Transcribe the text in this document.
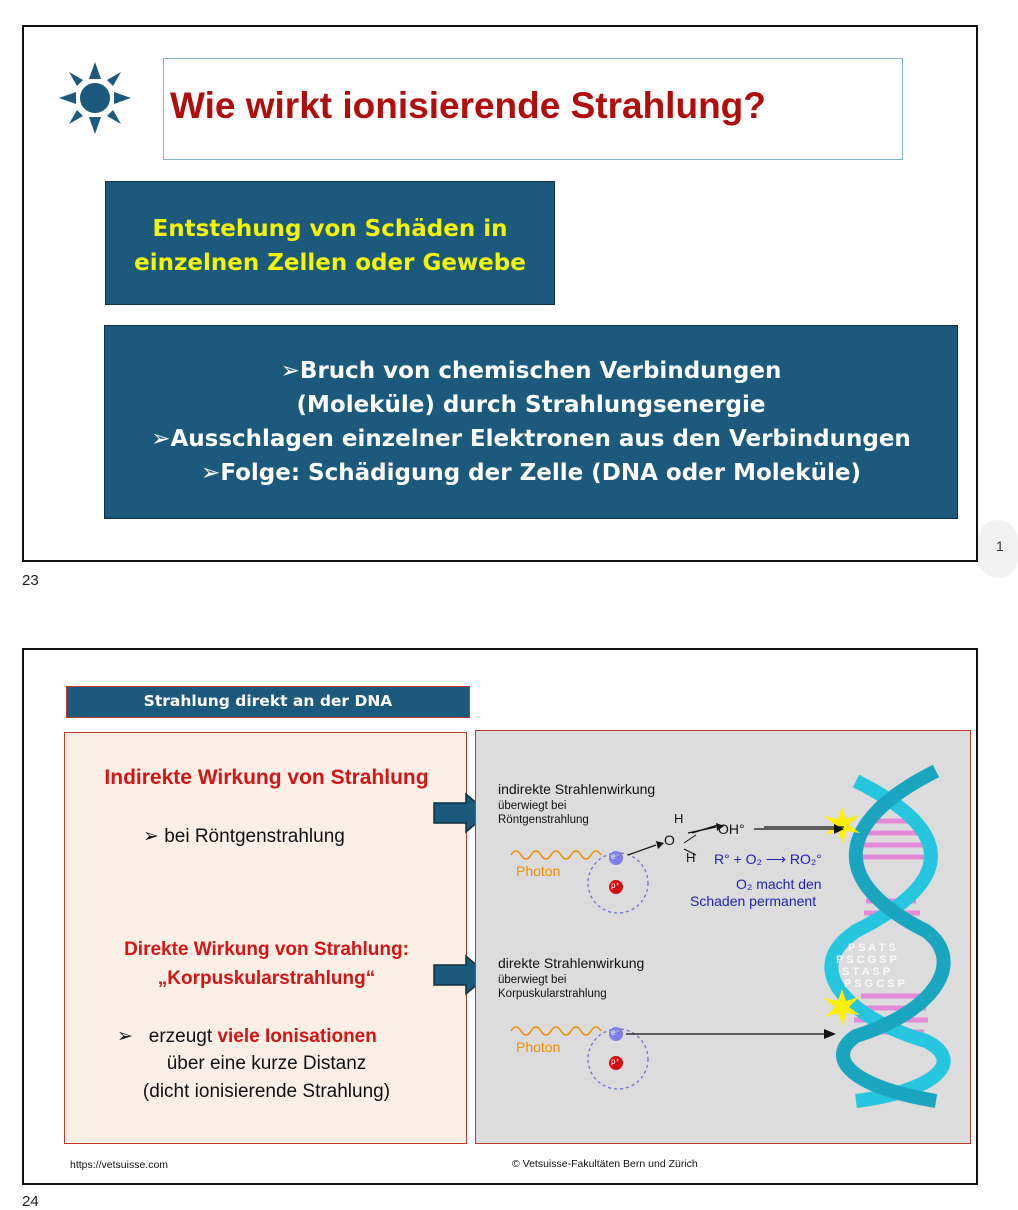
Wie wirkt ionisierende Strahlung?
Entstehung von Schäden in
einzelnen Zellen oder Gewebe
➢Bruch von chemischen Verbindungen
(Moleküle) durch Strahlungsenergie
➢Ausschlagen einzelner Elektronen aus den Verbindungen
➢Folge: Schädigung der Zelle (DNA oder Moleküle)
1
23
Strahlung direkt an der DNA
Indirekte Wirkung von Strahlung
➢ bei Röntgenstrahlung
Direkte Wirkung von Strahlung:
„Korpuskularstrahlung“
➢   erzeugt viele Ionisationen
über eine kurze Distanz
(dicht ionisierende Strahlung)
P S A T S
P S C G S P
S T A S P
P S G C S P
indirekte Strahlenwirkung
überwiegt bei
Röntgenstrahlung
Photon
e⁻
p⁺
H
O
H
OH°
R° + O₂ ⟶ RO₂°
O₂ macht den
Schaden permanent
direkte Strahlenwirkung
überwiegt bei
Korpuskularstrahlung
Photon
e⁻
p⁺
https://vetsuisse.com	© Vetsuisse-Fakultäten Bern und Zürich
24
